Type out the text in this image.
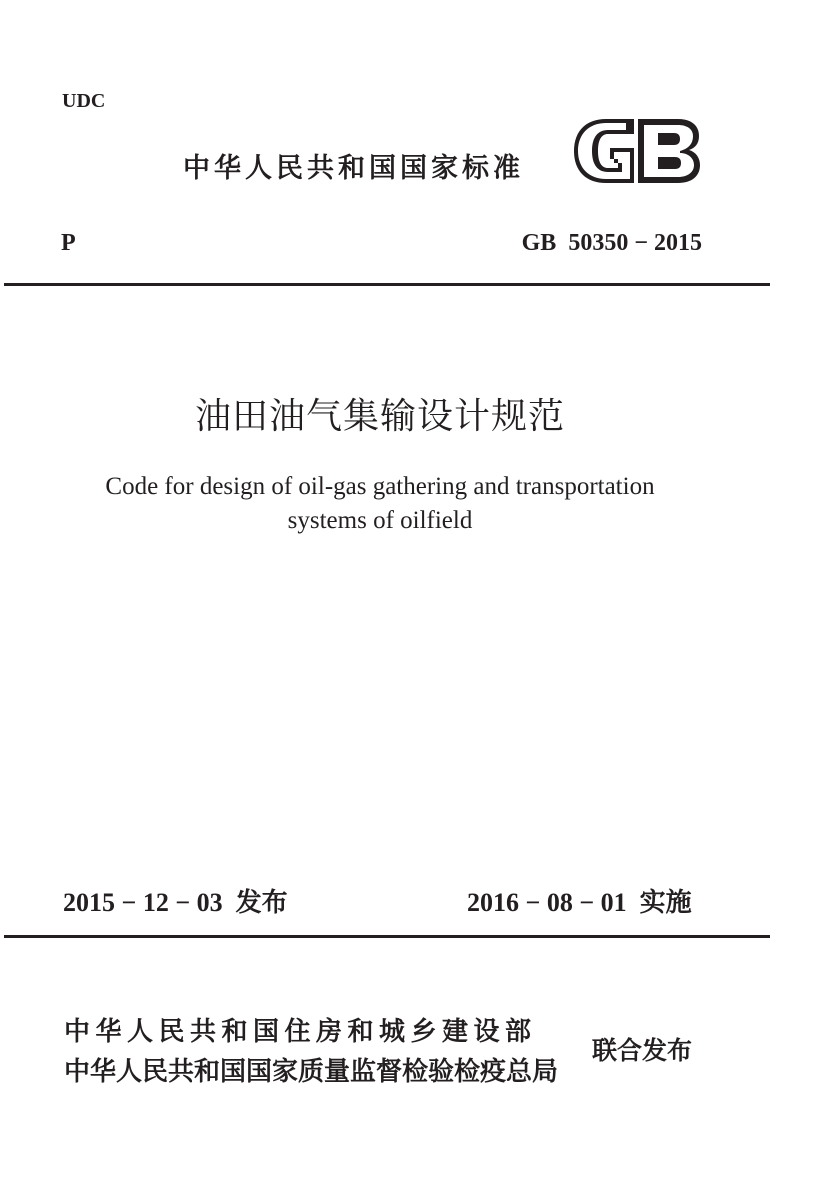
UDC
中华人民共和国国家标准
P	GB  50350 − 2015
油田油气集输设计规范
Code for design of oil-gas gathering and transportation
systems of oilfield
2015 − 12 − 03  发布	2016 − 08 − 01  实施
中华人民共和国住房和城乡建设部
中华人民共和国国家质量监督检验检疫总局
联合发布
